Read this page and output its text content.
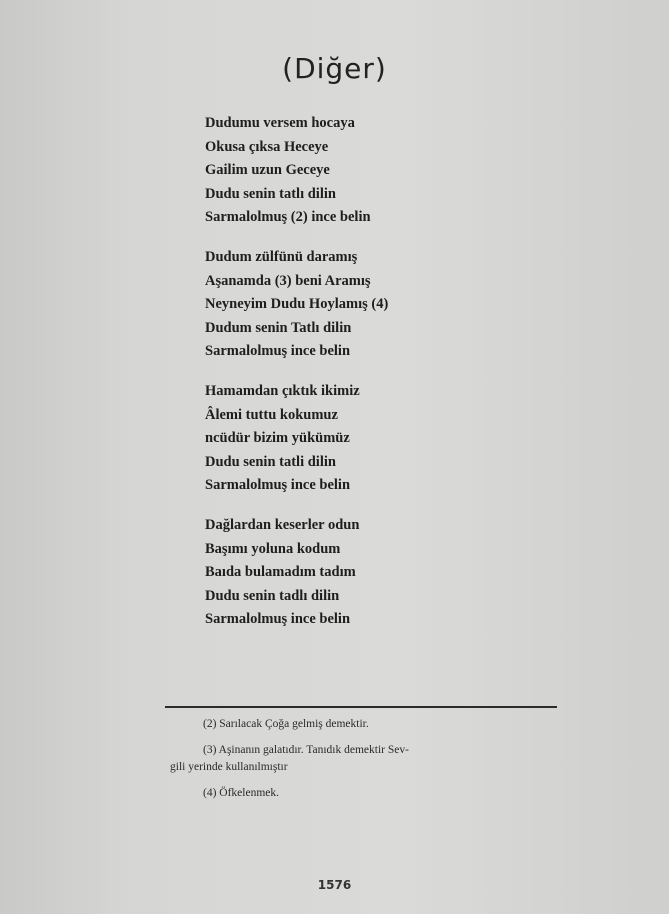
(Diğer)
Dudumu versem hocaya
Okusa çıksa Heceye
Gailim uzun Geceye
Dudu senin tatlı dilin
Sarmalolmuş (2) ince belin
Dudum zülfünü daramış
Aşanamda (3) beni Aramış
Neyneyim Dudu Hoylamış (4)
Dudum senin Tatlı dilin
Sarmalolmuş ince belin
Hamamdan çıktık ikimiz
Âlemi tuttu kokumuz
ncüdür bizim yükümüz
Dudu senin tatli dilin
Sarmalolmuş ince belin
Dağlardan keserler odun
Başımı yoluna kodum
Baıda bulamadım tadım
Dudu senin tadlı dilin
Sarmalolmuş ince belin
(2) Sarılacak Çoğa gelmiş demektir.
(3) Aşinanın galatıdır. Tanıdık demektir Sev-
gili yerinde kullanılmıştır
(4) Öfkelenmek.
1576
